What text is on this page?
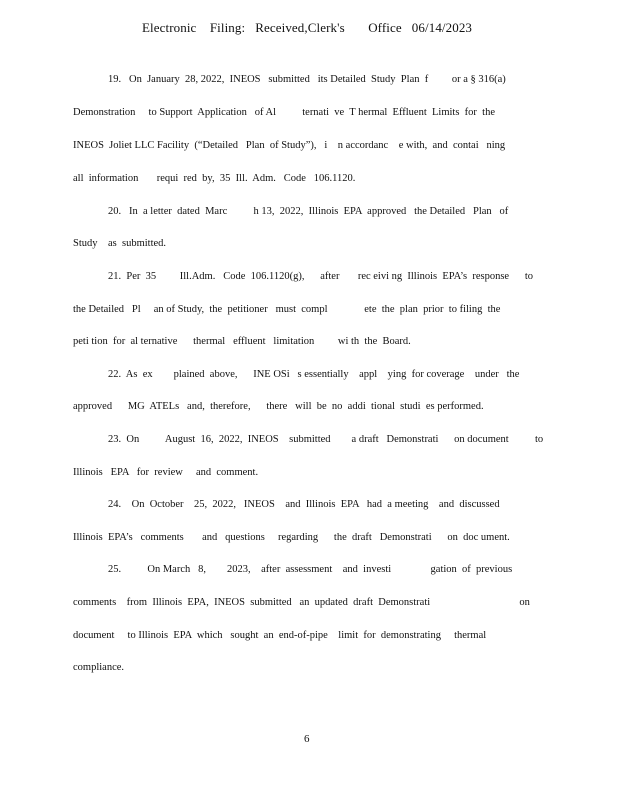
Electronic    Filing:   Received,Clerk's       Office   06/14/2023
19.   On  January  28, 2022,  INEOS   submitted   its Detailed  Study  Plan  f         or a § 316(a)
Demonstration     to Support  Application   of Al          ternati  ve  T hermal  Effluent  Limits  for  the
INEOS  Joliet LLC Facility  (“Detailed   Plan  of Study”),   i    n accordanc    e with,  and  contai   ning
all  information       requi  red  by,  35  Ill.  Adm.   Code   106.1120.
20.   In  a letter  dated  Marc          h 13,  2022,  Illinois  EPA  approved   the Detailed   Plan   of
Study    as  submitted.
21.  Per  35         Ill.Adm.   Code  106.1120(g),      after       rec eivi ng  Illinois  EPA’s  response      to
the Detailed   Pl     an of Study,  the  petitioner   must  compl              ete  the  plan  prior  to filing  the
peti tion  for  al ternative      thermal   effluent   limitation         wi th  the  Board.
22.  As  ex        plained  above,      INE OSi   s essentially    appl    ying  for coverage    under   the
approved      MG  ATELs   and,  therefore,      there   will  be  no  addi  tional  studi  es performed.
23.  On          August  16,  2022,  INEOS    submitted        a draft   Demonstrati      on document          to
Illinois   EPA   for  review     and  comment.
24.    On  October    25,  2022,   INEOS    and  Illinois  EPA   had  a meeting    and  discussed
Illinois  EPA’s   comments       and   questions     regarding      the  draft   Demonstrati      on  doc ument.
25.          On March   8,        2023,    after  assessment    and  investi               gation  of  previous
comments    from  Illinois  EPA,  INEOS  submitted   an  updated  draft  Demonstrati                                  on
document     to Illinois  EPA  which   sought  an  end-of-pipe    limit  for  demonstrating     thermal
compliance.
6
